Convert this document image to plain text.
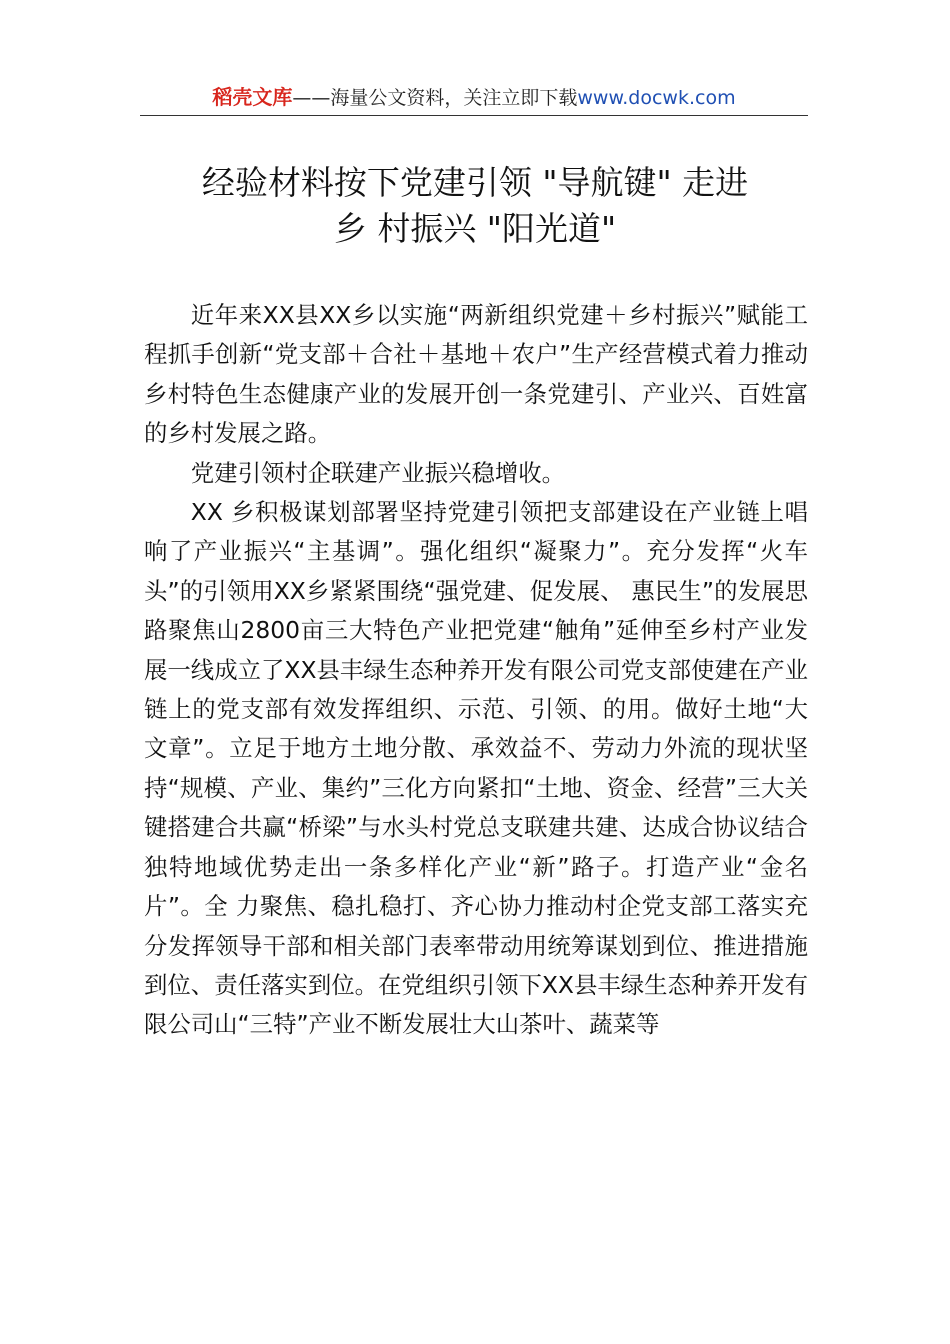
稻壳文库——海量公文资料，关注立即下载www.docwk.com
经验材料按下党建引领 "导航键" 走进
乡 村振兴 "阳光道"

近年来XX县XX乡以实施“两新组织党建＋乡村振兴”赋能工程抓手创新“党支部＋合社＋基地＋农户”生产经营模式着力推动乡村特色生态健康产业的发展开创一条党建引、产业兴、百姓富的乡村发展之路。

党建引领村企联建产业振兴稳增收。

XX 乡积极谋划部署坚持党建引领把支部建设在产业链上唱响了产业振兴“主基调”。强化组织“凝聚力”。充分发挥“火车头”的引领用XX乡紧紧围绕“强党建、促发展、 惠民生”的发展思路聚焦山2800亩三大特色产业把党建“触角”延伸至乡村产业发展一线成立了XX县丰绿生态种养开发有限公司党支部使建在产业链上的党支部有效发挥组织、示范、引领、的用。做好土地“大文章”。立足于地方土地分散、承效益不、劳动力外流的现状坚持“规模、产业、集约”三化方向紧扣“土地、资金、经营”三大关键搭建合共赢“桥梁”与水头村党总支联建共建、达成合协议结合独特地域优势走出一条多样化产业“新”路子。打造产业“金名片”。全 力聚焦、稳扎稳打、齐心协力推动村企党支部工落实充分发挥领导干部和相关部门表率带动用统筹谋划到位、推进措施到位、责任落实到位。在党组织引领下XX县丰绿生态种养开发有限公司山“三特”产业不断发展壮大山茶叶、蔬菜等
